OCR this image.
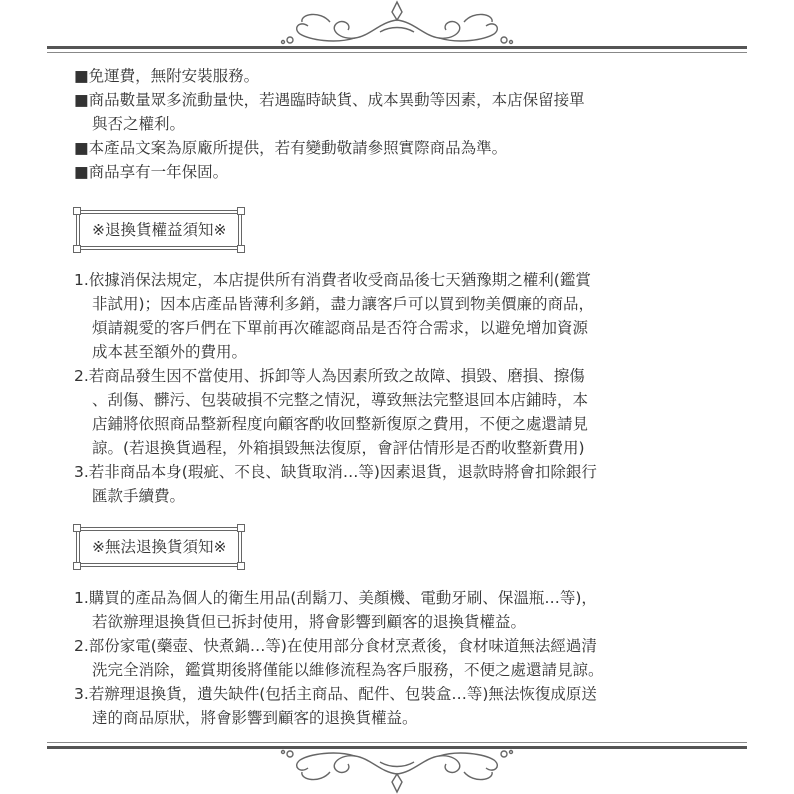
■免運費，無附安裝服務。
■商品數量眾多流動量快，若遇臨時缺貨、成本異動等因素，本店保留接單
與否之權利。
■本產品文案為原廠所提供，若有變動敬請參照實際商品為準。
■商品享有一年保固。
※退換貨權益須知※
1.依據消保法規定，本店提供所有消費者收受商品後七天猶豫期之權利(鑑賞
非試用)；因本店產品皆薄利多銷，盡力讓客戶可以買到物美價廉的商品，
煩請親愛的客戶們在下單前再次確認商品是否符合需求，以避免增加資源
成本甚至額外的費用。
2.若商品發生因不當使用、拆卸等人為因素所致之故障、損毀、磨損、擦傷
、刮傷、髒污、包裝破損不完整之情況，導致無法完整退回本店鋪時，本
店鋪將依照商品整新程度向顧客酌收回整新復原之費用，不便之處還請見
諒。(若退換貨過程，外箱損毀無法復原，會評估情形是否酌收整新費用)
3.若非商品本身(瑕疵、不良、缺貨取消…等)因素退貨，退款時將會扣除銀行
匯款手續費。
※無法退換貨須知※
1.購買的產品為個人的衛生用品(刮鬍刀、美顏機、電動牙刷、保溫瓶…等)，
若欲辦理退換貨但已拆封使用，將會影響到顧客的退換貨權益。
2.部份家電(藥壺、快煮鍋…等)在使用部分食材烹煮後，食材味道無法經過清
洗完全消除，鑑賞期後將僅能以維修流程為客戶服務，不便之處還請見諒。
3.若辦理退換貨，遺失缺件(包括主商品、配件、包裝盒…等)無法恢復成原送
達的商品原狀，將會影響到顧客的退換貨權益。
